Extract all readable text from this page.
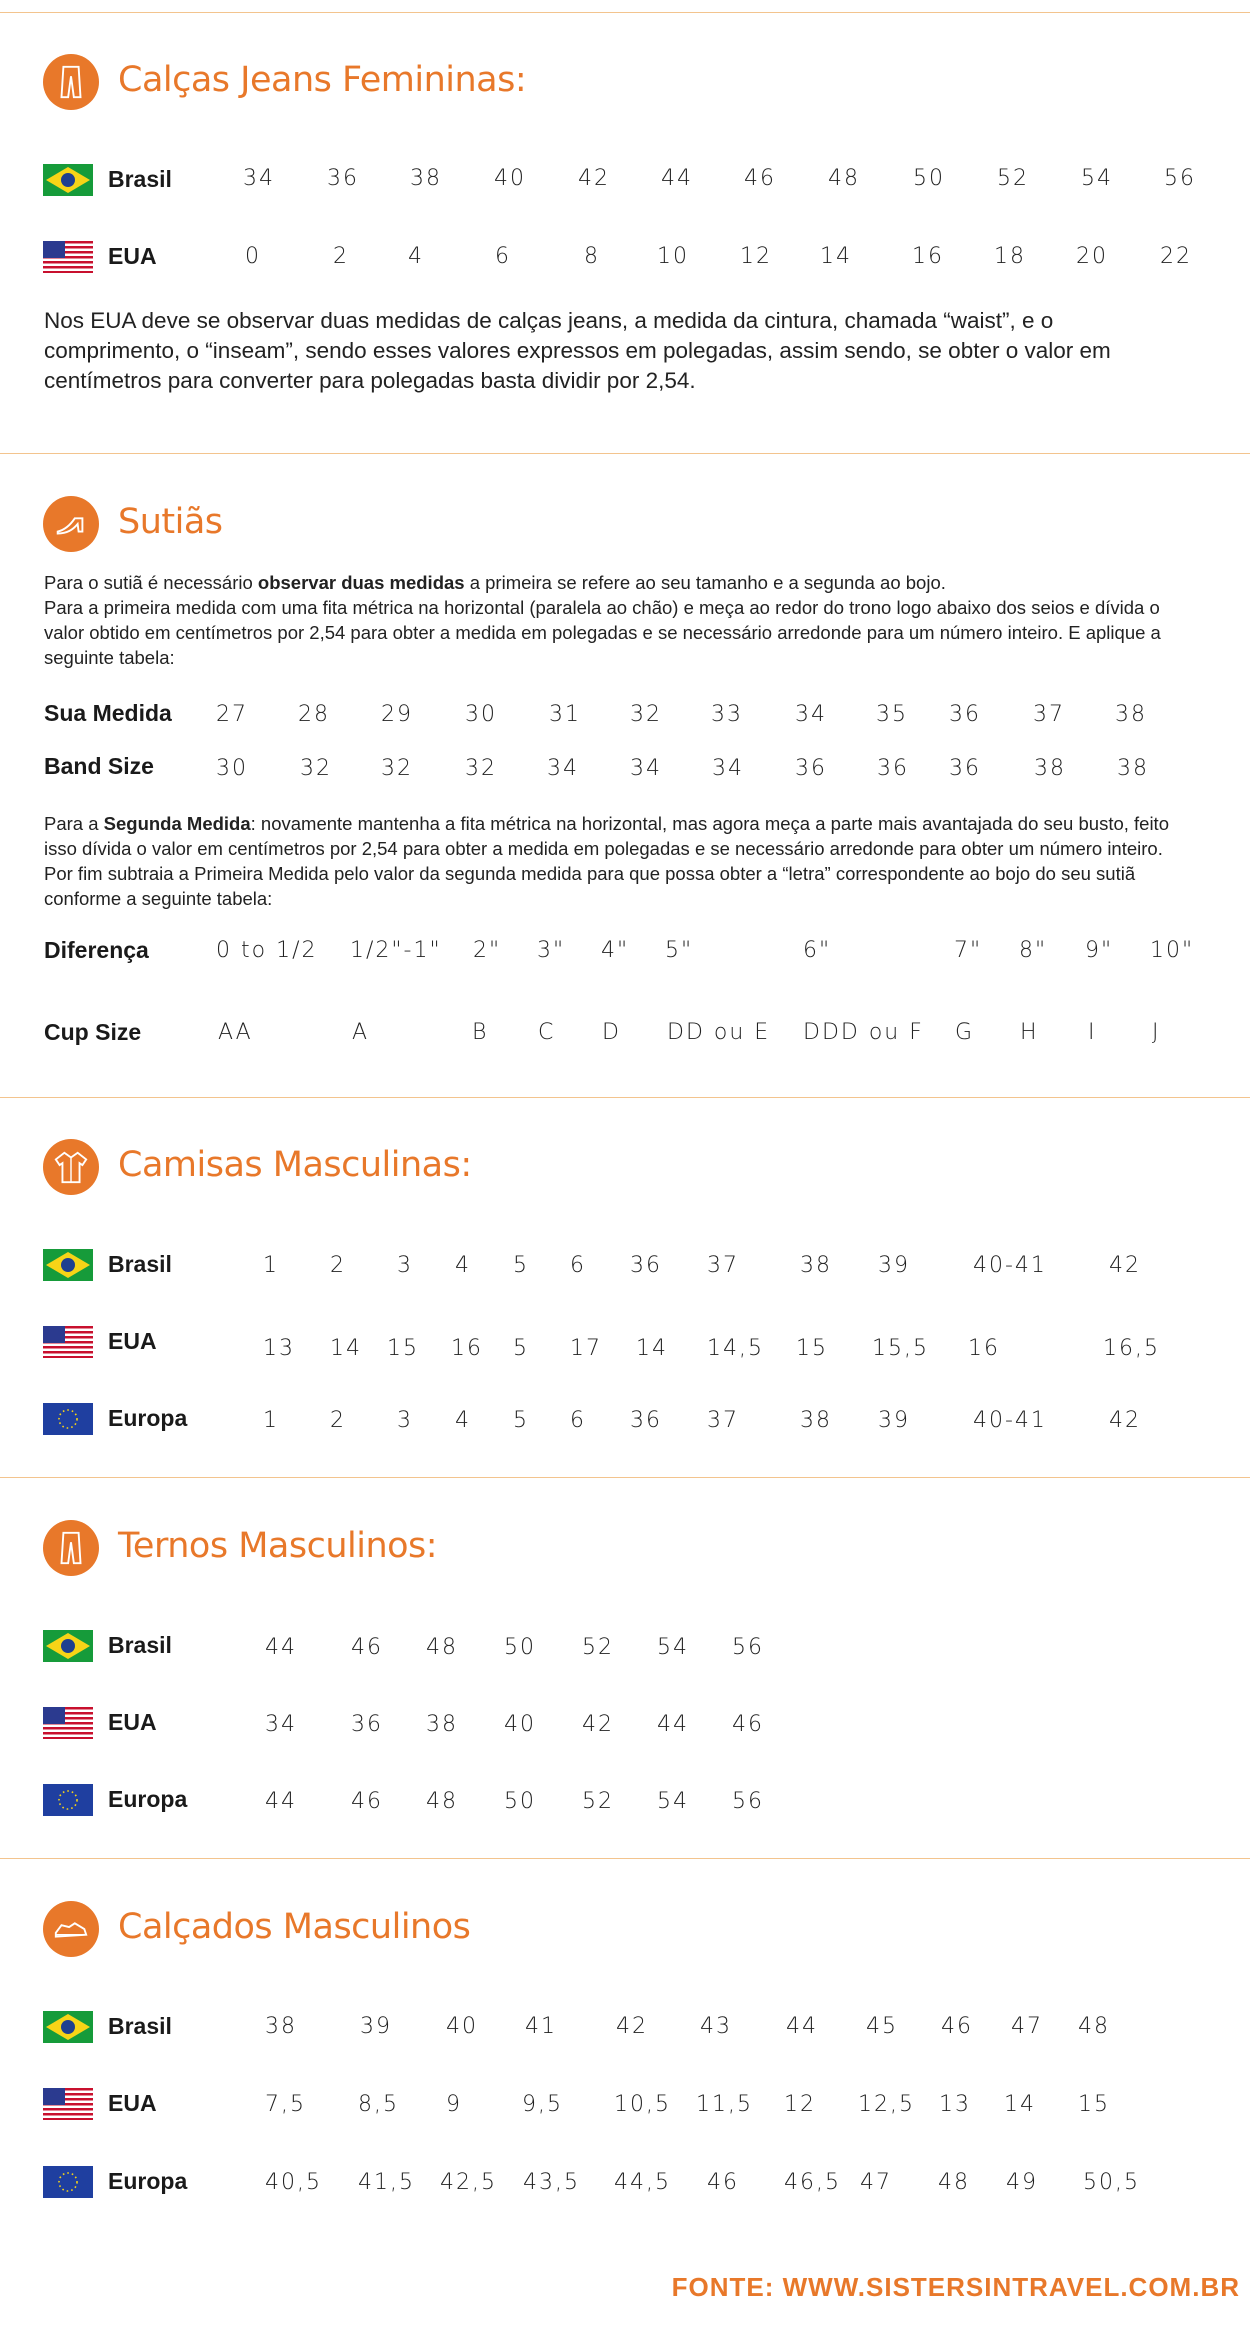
Calças Jeans Femininas:
Brasil	34 36 38 40 42 44 46 48 50 52 54 56
EUA	0	2	4	6	8	10 12 14	16 18 20 22
Nos EUA deve se observar duas medidas de calças jeans, a medida da cintura, chamada “waist”, e o comprimento, o “inseam”, sendo esses valores expressos em polegadas, assim sendo, se obter o valor em centímetros para converter para polegadas basta dividir por 2,54.
Sutiãs
Para o sutiã é necessário observar duas medidas a primeira se refere ao seu tamanho e a segunda ao bojo.
Para a primeira medida com uma fita métrica na horizontal (paralela ao chão) e meça ao redor do trono logo abaixo dos seios e dívida o valor obtido em centímetros por 2,54 para obter a medida em polegadas e se necessário arredonde para um número inteiro. E aplique a seguinte tabela:
Sua Medida 27 28 29 30 31 32 33 34 35 36 37 38
Band Size	30 32 32 32 34 34 34 36 36 36 38 38
Para a Segunda Medida: novamente mantenha a fita métrica na horizontal, mas agora meça a parte mais avantajada do seu busto, feito isso dívida o valor em centímetros por 2,54 para obter a medida em polegadas e se necessário arredonde para obter um número inteiro. Por fim subtraia a Primeira Medida pelo valor da segunda medida para que possa obter a “letra” correspondente ao bojo do seu sutiã conforme a seguinte tabela:
Diferença	0 to 1/2 1/2"-1" 2" 3" 4" 5"	6"	7" 8" 9" 10"
Cup Size	AA	A	B C D DD ou E DDD ou F G H I	J
Camisas Masculinas:
Brasil	1 2 3 4 5 6 36 37	38 39	40-41	42
EUA	13 14 15 16 5 17 14 14,5 15 15,5 16	16,5
Europa	1 2 3 4 5 6 36 37	38 39	40-41	42
Ternos Masculinos:
Brasil	44 46 48 50 52 54 56
EUA	34 36 38 40 42 44 46
Europa	44 46 48 50 52 54 56
Calçados Masculinos
Brasil	38	39 40 41	42 43 44 45 46 47 48
EUA	7,5 8,5 9	9,5 10,5 11,5 12 12,5 13 14 15
Europa	40,5 41,5 42,5 43,5 44,5 46 46,5 47 48 49 50,5
FONTE: WWW.SISTERSINTRAVEL.COM.BR
